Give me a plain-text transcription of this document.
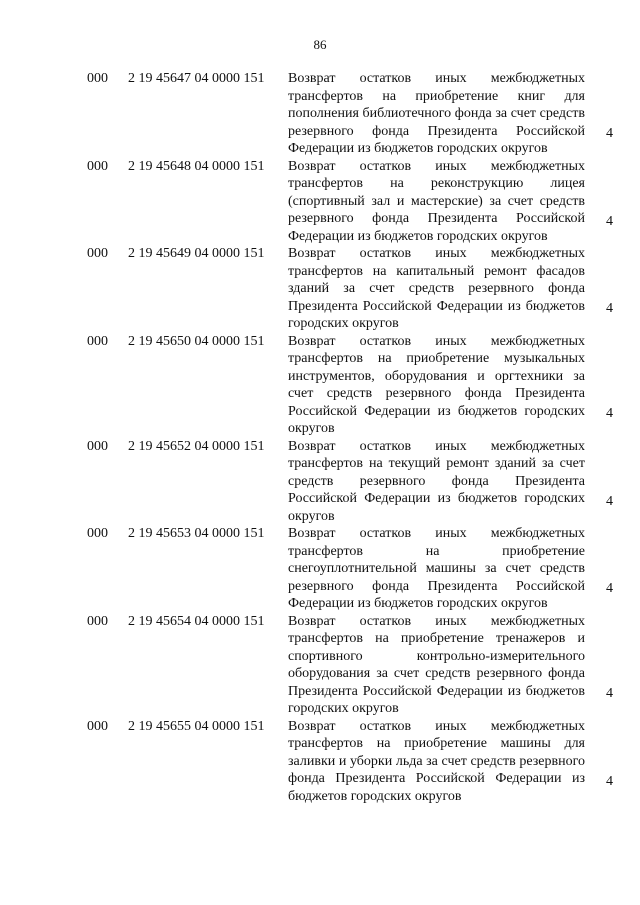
86
000 2 19 45647 04 0000 151 Возврат остатков иных межбюджетных трансфертов на приобретение книг для пополнения библиотечного фонда за счет средств резервного фонда Президента Российской Федерации из бюджетов городских округов
4
000 2 19 45648 04 0000 151 Возврат остатков иных межбюджетных трансфертов на реконструкцию лицея (спортивный зал и мастерские) за счет средств резервного фонда Президента Российской Федерации из бюджетов городских округов
4
000 2 19 45649 04 0000 151 Возврат остатков иных межбюджетных трансфертов на капитальный ремонт фасадов зданий за счет средств резервного фонда Президента Российской Федерации из бюджетов городских округов
4
000 2 19 45650 04 0000 151 Возврат остатков иных межбюджетных трансфертов на приобретение музыкальных инструментов, оборудования и оргтехники за счет средств резервного фонда Президента Российской Федерации из бюджетов городских округов
4
000 2 19 45652 04 0000 151 Возврат остатков иных межбюджетных трансфертов на текущий ремонт зданий за счет средств резервного фонда Президента Российской Федерации из бюджетов городских округов
4
000 2 19 45653 04 0000 151 Возврат остатков иных межбюджетных трансфертов на приобретение снегоуплотнительной машины за счет средств резервного фонда Президента Российской Федерации из бюджетов городских округов
4
000 2 19 45654 04 0000 151 Возврат остатков иных межбюджетных трансфертов на приобретение тренажеров и спортивного контрольно-измерительного оборудования за счет средств резервного фонда Президента Российской Федерации из бюджетов городских округов
4
000 2 19 45655 04 0000 151 Возврат остатков иных межбюджетных трансфертов на приобретение машины для заливки и уборки льда за счет средств резервного фонда Президента Российской Федерации из бюджетов городских округов
4
